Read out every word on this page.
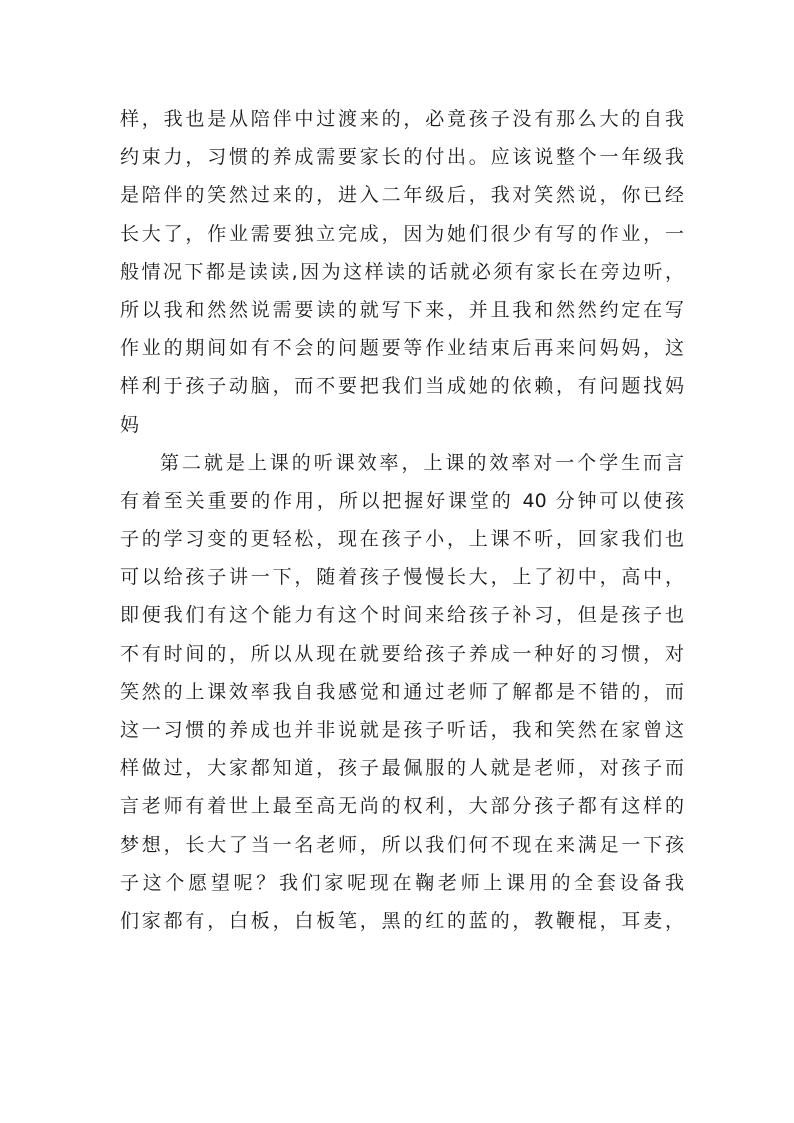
样，我也是从陪伴中过渡来的，必竟孩子没有那么大的自我
约束力，习惯的养成需要家长的付出。应该说整个一年级我
是陪伴的笑然过来的，进入二年级后，我对笑然说，你已经
长大了，作业需要独立完成，因为她们很少有写的作业，一
般情况下都是读读,因为这样读的话就必须有家长在旁边听，
所以我和然然说需要读的就写下来，并且我和然然约定在写
作业的期间如有不会的问题要等作业结束后再来问妈妈，这
样利于孩子动脑，而不要把我们当成她的依赖，有问题找妈
妈
第二就是上课的听课效率，上课的效率对一个学生而言
有着至关重要的作用，所以把握好课堂的 40 分钟可以使孩
子的学习变的更轻松，现在孩子小，上课不听，回家我们也
可以给孩子讲一下，随着孩子慢慢长大，上了初中，高中，
即便我们有这个能力有这个时间来给孩子补习，但是孩子也
不有时间的，所以从现在就要给孩子养成一种好的习惯，对
笑然的上课效率我自我感觉和通过老师了解都是不错的，而
这一习惯的养成也并非说就是孩子听话，我和笑然在家曾这
样做过，大家都知道，孩子最佩服的人就是老师，对孩子而
言老师有着世上最至高无尚的权利，大部分孩子都有这样的
梦想，长大了当一名老师，所以我们何不现在来满足一下孩
子这个愿望呢？我们家呢现在鞠老师上课用的全套设备我
们家都有，白板，白板笔，黑的红的蓝的，教鞭棍，耳麦，
